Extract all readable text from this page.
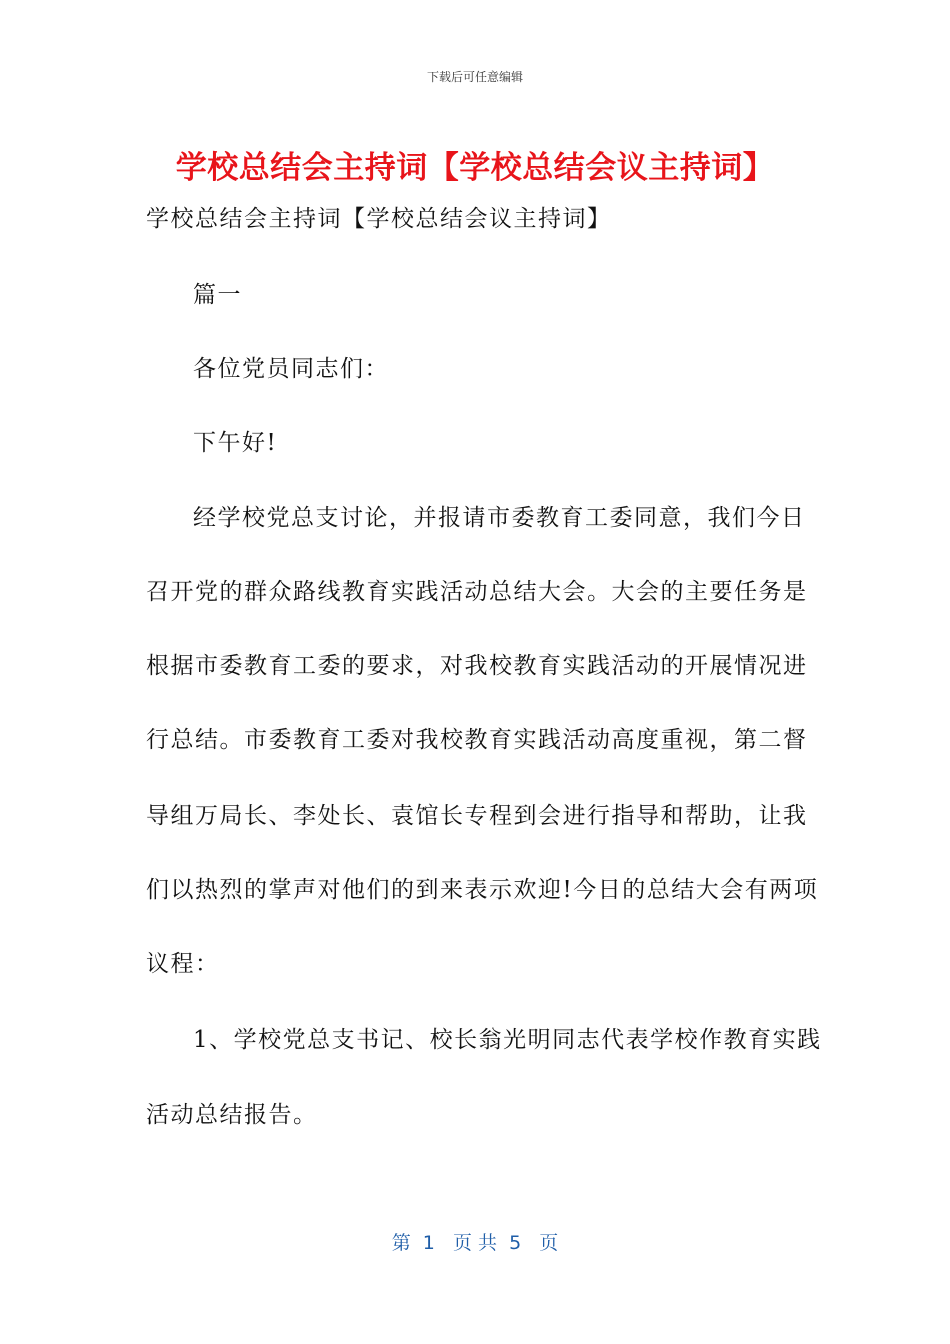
下载后可任意编辑
学校总结会主持词【学校总结会议主持词】
学校总结会主持词【学校总结会议主持词】
篇一
各位党员同志们：
下午好!
经学校党总支讨论，并报请市委教育工委同意，我们今日
召开党的群众路线教育实践活动总结大会。大会的主要任务是
根据市委教育工委的要求，对我校教育实践活动的开展情况进
行总结。市委教育工委对我校教育实践活动高度重视，第二督
导组万局长、李处长、袁馆长专程到会进行指导和帮助，让我
们以热烈的掌声对他们的到来表示欢迎!今日的总结大会有两项
议程：
1、学校党总支书记、校长翁光明同志代表学校作教育实践
活动总结报告。
第  1   页 共  5   页
